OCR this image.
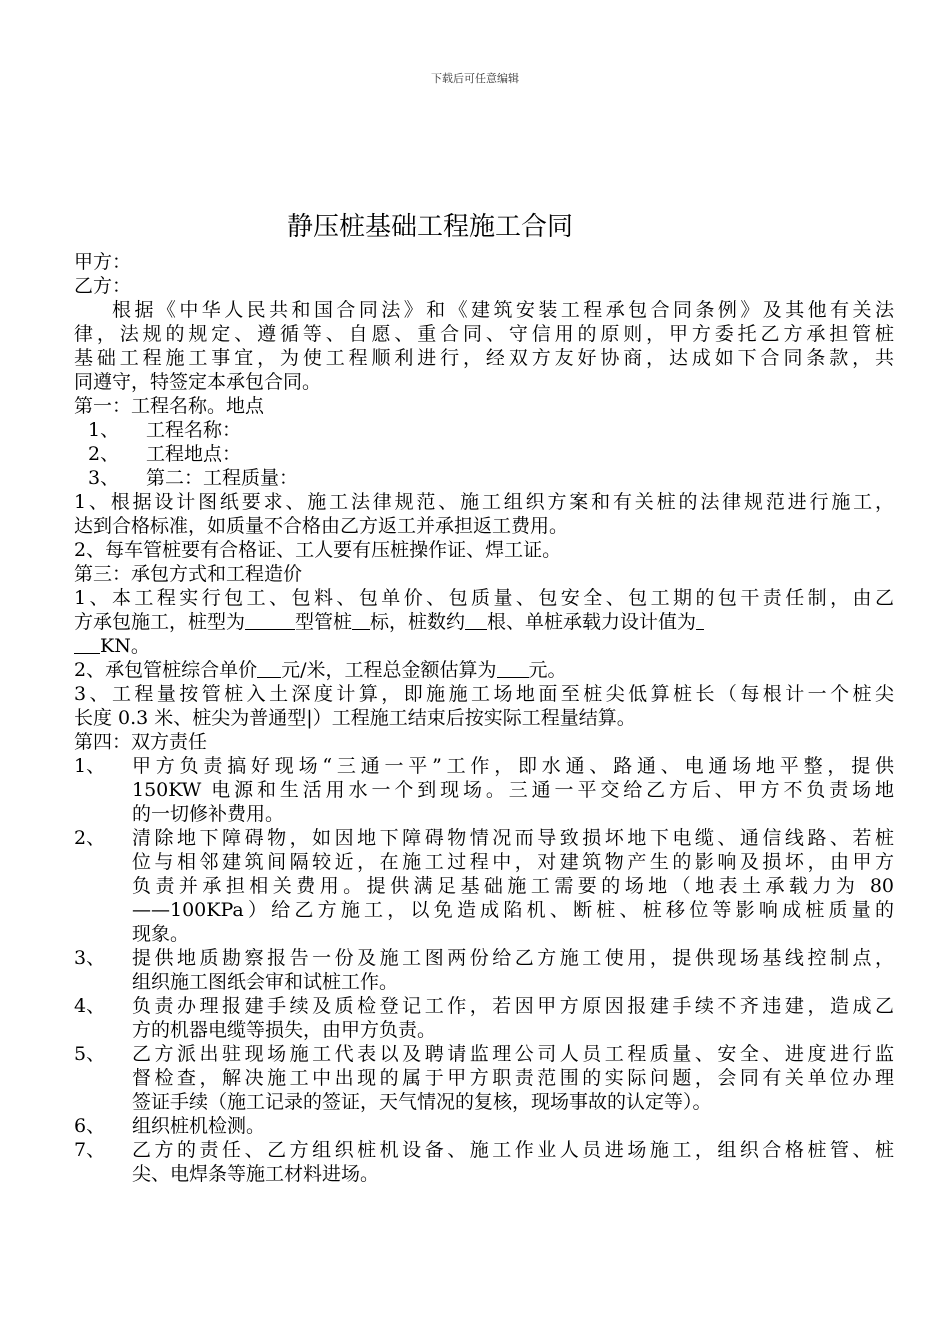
下载后可任意编辑
静压桩基础工程施工合同
甲方：
乙方：
根据《中华人民共和国合同法》和《建筑安装工程承包合同条例》及其他有关法
律，法规的规定、遵循等、自愿、重合同、守信用的原则，甲方委托乙方承担管桩
基础工程施工事宜，为使工程顺利进行，经双方友好协商，达成如下合同条款，共
同遵守，特签定本承包合同。
第一：工程名称。地点
1、 工程名称：
2、 工程地点：
3、 第二：工程质量：
1、根据设计图纸要求、施工法律规范、施工组织方案和有关桩的法律规范进行施工，
达到合格标准，如质量不合格由乙方返工并承担返工费用。
2、每车管桩要有合格证、工人要有压桩操作证、焊工证。
第三：承包方式和工程造价
1、本工程实行包工、包料、包单价、包质量、包安全、包工期的包干责任制，由乙
方承包施工，桩型为	型管桩 标，桩数约 根、单桩承载力设计值为
KN。
2、承包管桩综合单价 元/米，工程总金额估算为 元。
3、工程量按管桩入土深度计算，即施施工场地面至桩尖低算桩长（每根计一个桩尖
长度 0.3 米、桩尖为普通型|）工程施工结束后按实际工程量结算。
第四：双方责任
1、	甲方负责搞好现场“三通一平”工作，即水通、路通、电通场地平整，提供
150KW 电源和生活用水一个到现场。三通一平交给乙方后、甲方不负责场地
的一切修补费用。
2、	清除地下障碍物，如因地下障碍物情况而导致损坏地下电缆、通信线路、若桩
位与相邻建筑间隔较近，在施工过程中，对建筑物产生的影响及损坏，由甲方
负责并承担相关费用。提供满足基础施工需要的场地（地表土承载力为 80
——100KPa）给乙方施工，以免造成陷机、断桩、桩移位等影响成桩质量的
现象。
3、	提供地质勘察报告一份及施工图两份给乙方施工使用，提供现场基线控制点，
组织施工图纸会审和试桩工作。
4、	负责办理报建手续及质检登记工作，若因甲方原因报建手续不齐违建，造成乙
方的机器电缆等损失，由甲方负责。
5、	乙方派出驻现场施工代表以及聘请监理公司人员工程质量、安全、进度进行监
督检查，解决施工中出现的属于甲方职责范围的实际问题，会同有关单位办理
签证手续（施工记录的签证，天气情况的复核，现场事故的认定等）。
6、	组织桩机检测。
7、	乙方的责任、乙方组织桩机设备、施工作业人员进场施工，组织合格桩管、桩
尖、电焊条等施工材料进场。
